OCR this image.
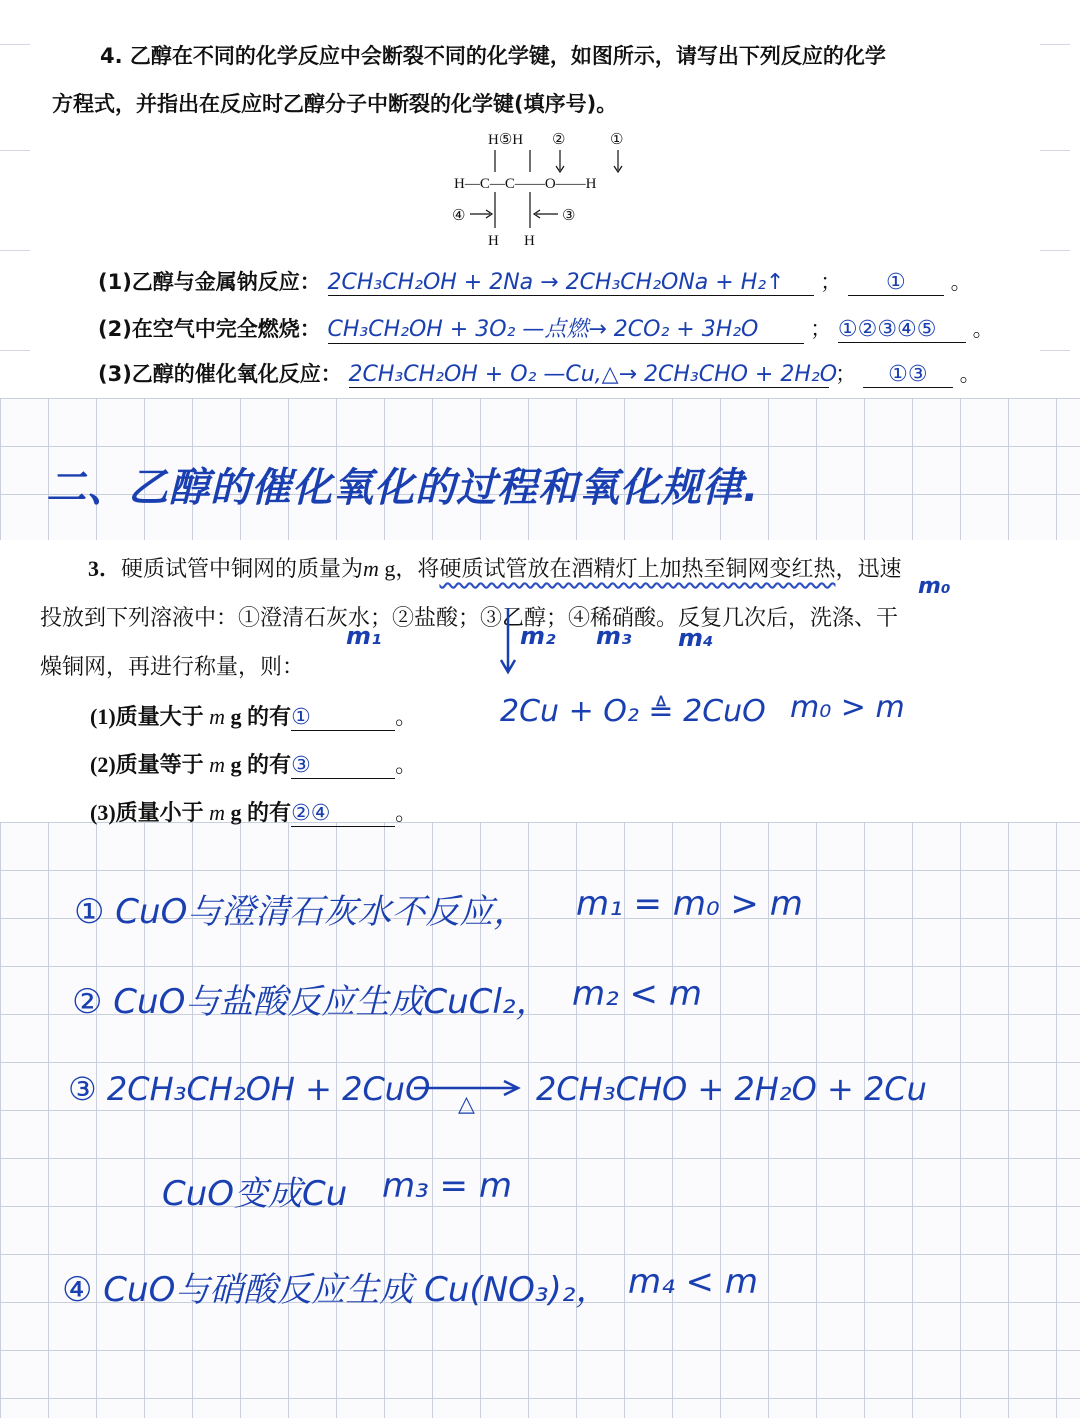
4. 乙醇在不同的化学反应中会断裂不同的化学键，如图所示，请写出下列反应的化学
方程式，并指出在反应时乙醇分子中断裂的化学键(填序号)。
H⑤H ②	①
H—C—C——O——H
④	③
H H
(1)乙醇与金属钠反应： 2CH₃CH₂OH + 2Na → 2CH₃CH₂ONa + H₂↑ ； ① 。
(2)在空气中完全燃烧： CH₃CH₂OH + 3O₂ —点燃→ 2CO₂ + 3H₂O ； ①②③④⑤ 。
(3)乙醇的催化氧化反应： 2CH₃CH₂OH + O₂ —Cu,△→ 2CH₃CHO + 2H₂O ； ①③ 。
二、乙醇的催化氧化的过程和氧化规律.
3．硬质试管中铜网的质量为m g，将硬质试管放在酒精灯上加热至铜网变红热，迅速
投放到下列溶液中：①澄清石灰水；②盐酸；③乙醇；④稀硝酸。反复几次后，洗涤、干
燥铜网，再进行称量，则：
m₀
m₁	m₂ m₃ m₄
(1)质量大于 m g 的有①	。
(2)质量等于 m g 的有③	。
(3)质量小于 m g 的有②④	。
2Cu + O₂ ≜ 2CuO m₀ > m
① CuO与澄清石灰水不反应， m₁ = m₀ > m
② CuO与盐酸反应生成CuCl₂， m₂ < m
③ 2CH₃CH₂OH + 2CuO △ 2CH₃CHO + 2H₂O + 2Cu
CuO变成Cu m₃ = m
④ CuO与硝酸反应生成 Cu(NO₃)₂， m₄ < m
